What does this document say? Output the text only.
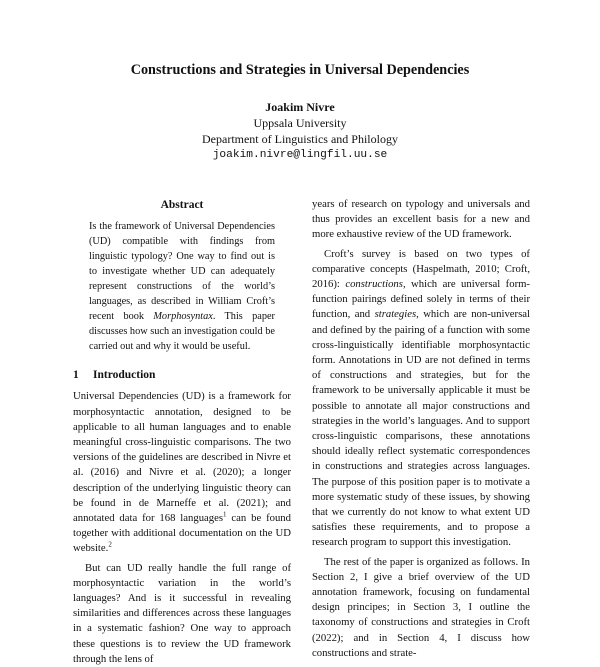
Constructions and Strategies in Universal Dependencies
Joakim Nivre
Uppsala University
Department of Linguistics and Philology
joakim.nivre@lingfil.uu.se
Abstract

Is the framework of Universal Dependencies (UD) compatible with findings from linguistic typology? One way to find out is to investigate whether UD can adequately represent constructions of the world’s languages, as described in William Croft’s recent book Morphosyntax. This paper discusses how such an investigation could be carried out and why it would be useful.

1 Introduction

Universal Dependencies (UD) is a framework for morphosyntactic annotation, designed to be applicable to all human languages and to enable meaningful cross-linguistic comparisons. The two versions of the guidelines are described in Nivre et al. (2016) and Nivre et al. (2020); a longer description of the underlying linguistic theory can be found in de Marneffe et al. (2021); and annotated data for 168 languages$^1$ can be found together with additional documentation on the UD website.$^2$

But can UD really handle the full range of morphosyntactic variation in the world’s languages? And is it successful in revealing similarities and differences across these languages in a systematic fashion? One way to approach these questions is to review the UD framework through the lens of

years of research on typology and universals and thus provides an excellent basis for a new and more exhaustive review of the UD framework.

Croft’s survey is based on two types of comparative concepts (Haspelmath, 2010; Croft, 2016): constructions, which are universal form-function pairings defined solely in terms of their function, and strategies, which are non-universal and defined by the pairing of a function with some cross-linguistically identifiable morphosyntactic form. Annotations in UD are not defined in terms of constructions and strategies, but for the framework to be universally applicable it must be possible to annotate all major constructions and strategies in the world’s languages. And to support cross-linguistic comparisons, these annotations should ideally reflect systematic correspondences in constructions and strategies across languages. The purpose of this position paper is to motivate a more systematic study of these issues, by showing that we currently do not know to what extent UD satisfies these requirements, and to propose a research program to support this investigation.

The rest of the paper is organized as follows. In Section 2, I give a brief overview of the UD annotation framework, focusing on fundamental design principes; in Section 3, I outline the taxonomy of constructions and strategies in Croft (2022); and in Section 4, I discuss how constructions and strate-
